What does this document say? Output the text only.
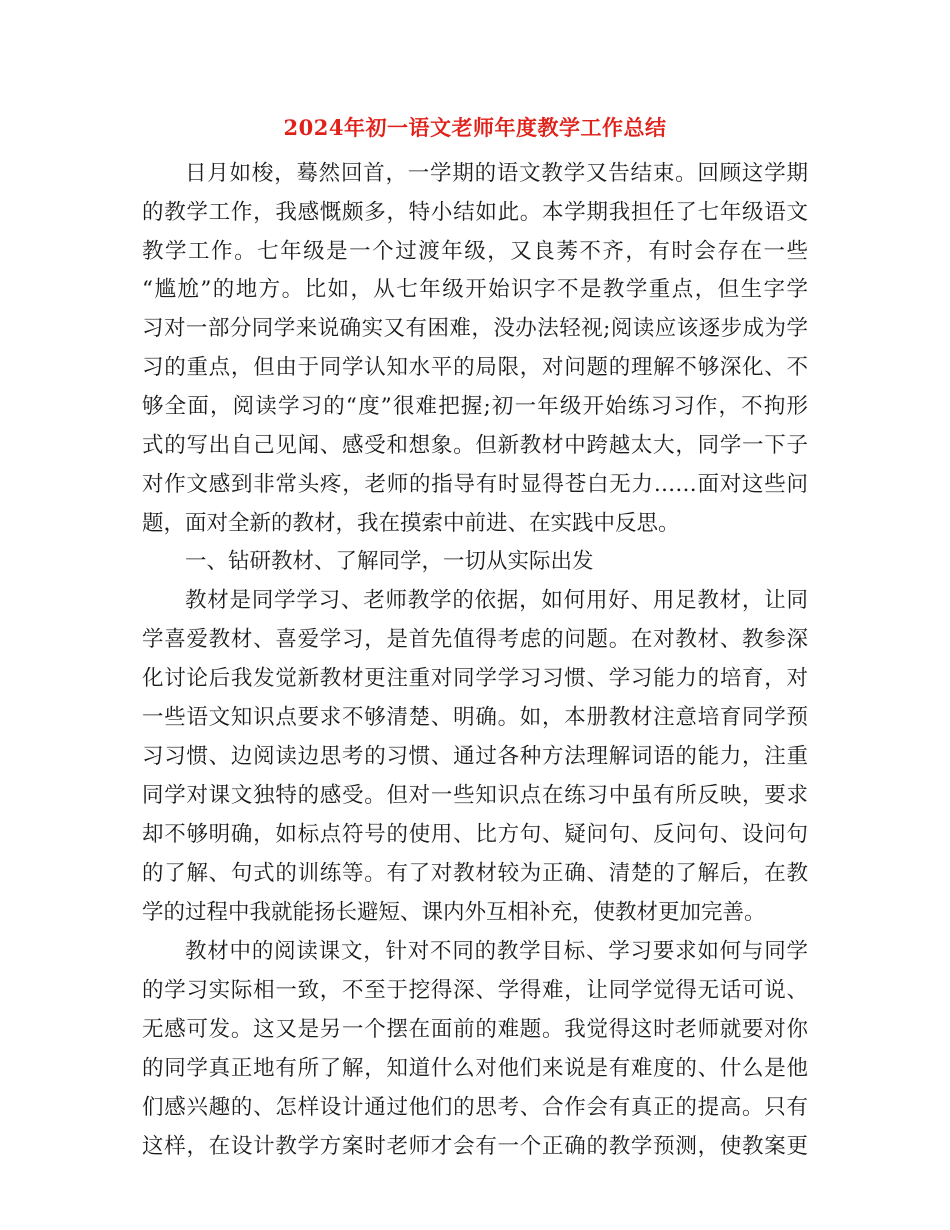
2024年初一语文老师年度教学工作总结
日月如梭，蓦然回首，一学期的语文教学又告结束。回顾这学期
的教学工作，我感慨颇多，特小结如此。本学期我担任了七年级语文
教学工作。七年级是一个过渡年级，又良莠不齐，有时会存在一些
“尴尬”的地方。比如，从七年级开始识字不是教学重点，但生字学
习对一部分同学来说确实又有困难，没办法轻视;阅读应该逐步成为学
习的重点，但由于同学认知水平的局限，对问题的理解不够深化、不
够全面，阅读学习的“度”很难把握;初一年级开始练习习作，不拘形
式的写出自己见闻、感受和想象。但新教材中跨越太大，同学一下子
对作文感到非常头疼，老师的指导有时显得苍白无力……面对这些问
题，面对全新的教材，我在摸索中前进、在实践中反思。
一、钻研教材、了解同学，一切从实际出发
教材是同学学习、老师教学的依据，如何用好、用足教材，让同
学喜爱教材、喜爱学习，是首先值得考虑的问题。在对教材、教参深
化讨论后我发觉新教材更注重对同学学习习惯、学习能力的培育，对
一些语文知识点要求不够清楚、明确。如，本册教材注意培育同学预
习习惯、边阅读边思考的习惯、通过各种方法理解词语的能力，注重
同学对课文独特的感受。但对一些知识点在练习中虽有所反映，要求
却不够明确，如标点符号的使用、比方句、疑问句、反问句、设问句
的了解、句式的训练等。有了对教材较为正确、清楚的了解后，在教
学的过程中我就能扬长避短、课内外互相补充，使教材更加完善。
教材中的阅读课文，针对不同的教学目标、学习要求如何与同学
的学习实际相一致，不至于挖得深、学得难，让同学觉得无话可说、
无感可发。这又是另一个摆在面前的难题。我觉得这时老师就要对你
的同学真正地有所了解，知道什么对他们来说是有难度的、什么是他
们感兴趣的、怎样设计通过他们的思考、合作会有真正的提高。只有
这样，在设计教学方案时老师才会有一个正确的教学预测，使教案更
